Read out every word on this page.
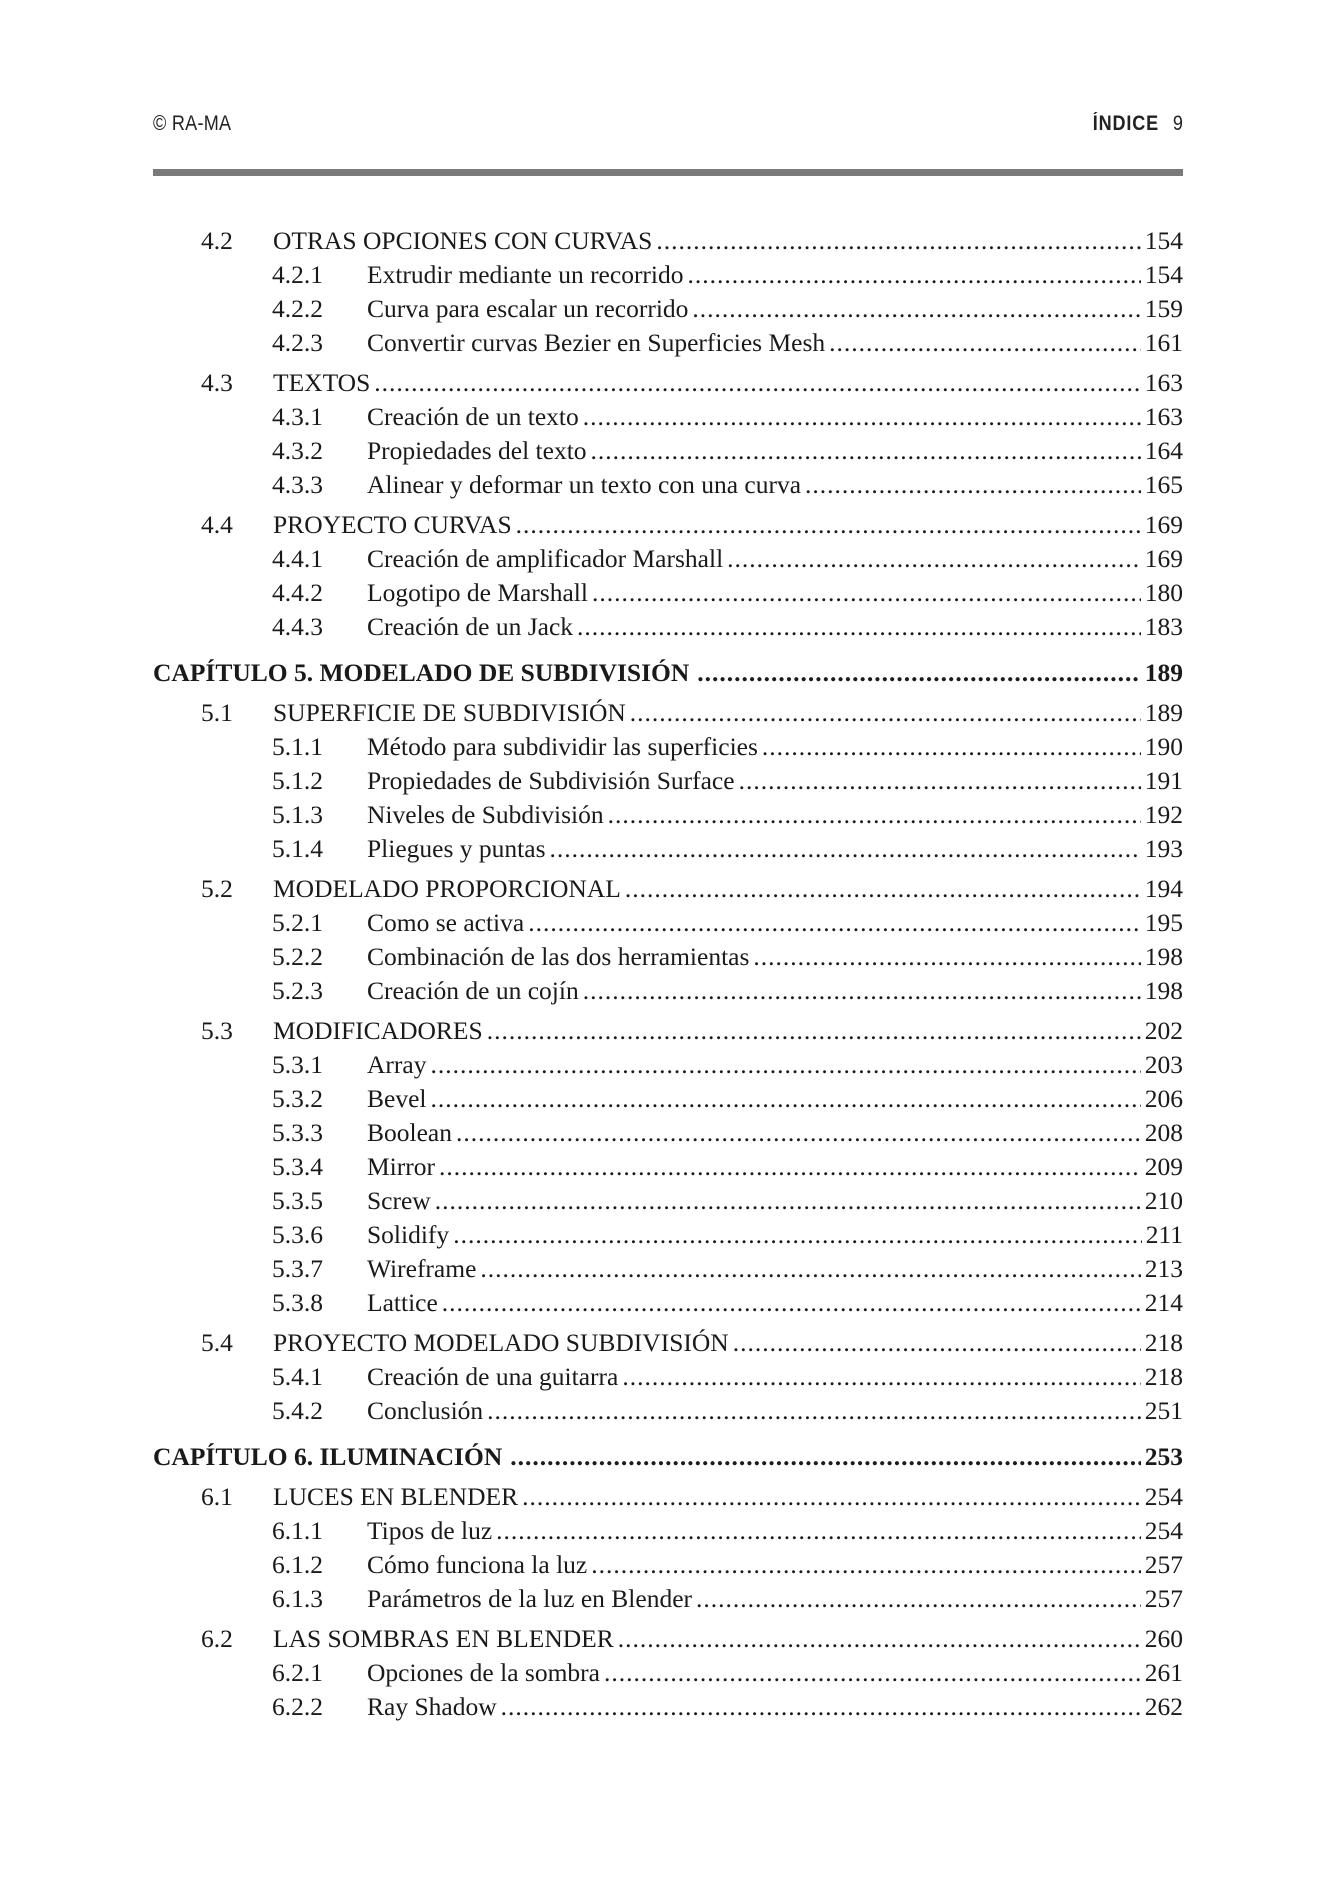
© RA-MA	ÍNDICE 9
4.2	OTRAS OPCIONES CON CURVAS .....	154
4.2.1	Extrudir mediante un recorrido .....	154
4.2.2	Curva para escalar un recorrido .....	159
4.2.3	Convertir curvas Bezier en Superficies Mesh .....	161
4.3	TEXTOS .....	163
4.3.1	Creación de un texto .....	163
4.3.2	Propiedades del texto .....	164
4.3.3	Alinear y deformar un texto con una curva .....	165
4.4	PROYECTO CURVAS .....	169
4.4.1	Creación de amplificador Marshall .....	169
4.4.2	Logotipo de Marshall .....	180
4.4.3	Creación de un Jack .....	183
CAPÍTULO 5. MODELADO DE SUBDIVISIÓN .....	189
5.1	SUPERFICIE DE SUBDIVISIÓN .....	189
5.1.1	Método para subdividir las superficies .....	190
5.1.2	Propiedades de Subdivisión Surface .....	191
5.1.3	Niveles de Subdivisión .....	192
5.1.4	Pliegues y puntas .....	193
5.2	MODELADO PROPORCIONAL .....	194
5.2.1	Como se activa .....	195
5.2.2	Combinación de las dos herramientas .....	198
5.2.3	Creación de un cojín .....	198
5.3	MODIFICADORES .....	202
5.3.1	Array .....	203
5.3.2	Bevel .....	206
5.3.3	Boolean .....	208
5.3.4	Mirror .....	209
5.3.5	Screw .....	210
5.3.6	Solidify .....	211
5.3.7	Wireframe .....	213
5.3.8	Lattice .....	214
5.4	PROYECTO MODELADO SUBDIVISIÓN .....	218
5.4.1	Creación de una guitarra .....	218
5.4.2	Conclusión .....	251
CAPÍTULO 6. ILUMINACIÓN .....	253
6.1	LUCES EN BLENDER .....	254
6.1.1	Tipos de luz .....	254
6.1.2	Cómo funciona la luz .....	257
6.1.3	Parámetros de la luz en Blender .....	257
6.2	LAS SOMBRAS EN BLENDER .....	260
6.2.1	Opciones de la sombra .....	261
6.2.2	Ray Shadow .....	262
